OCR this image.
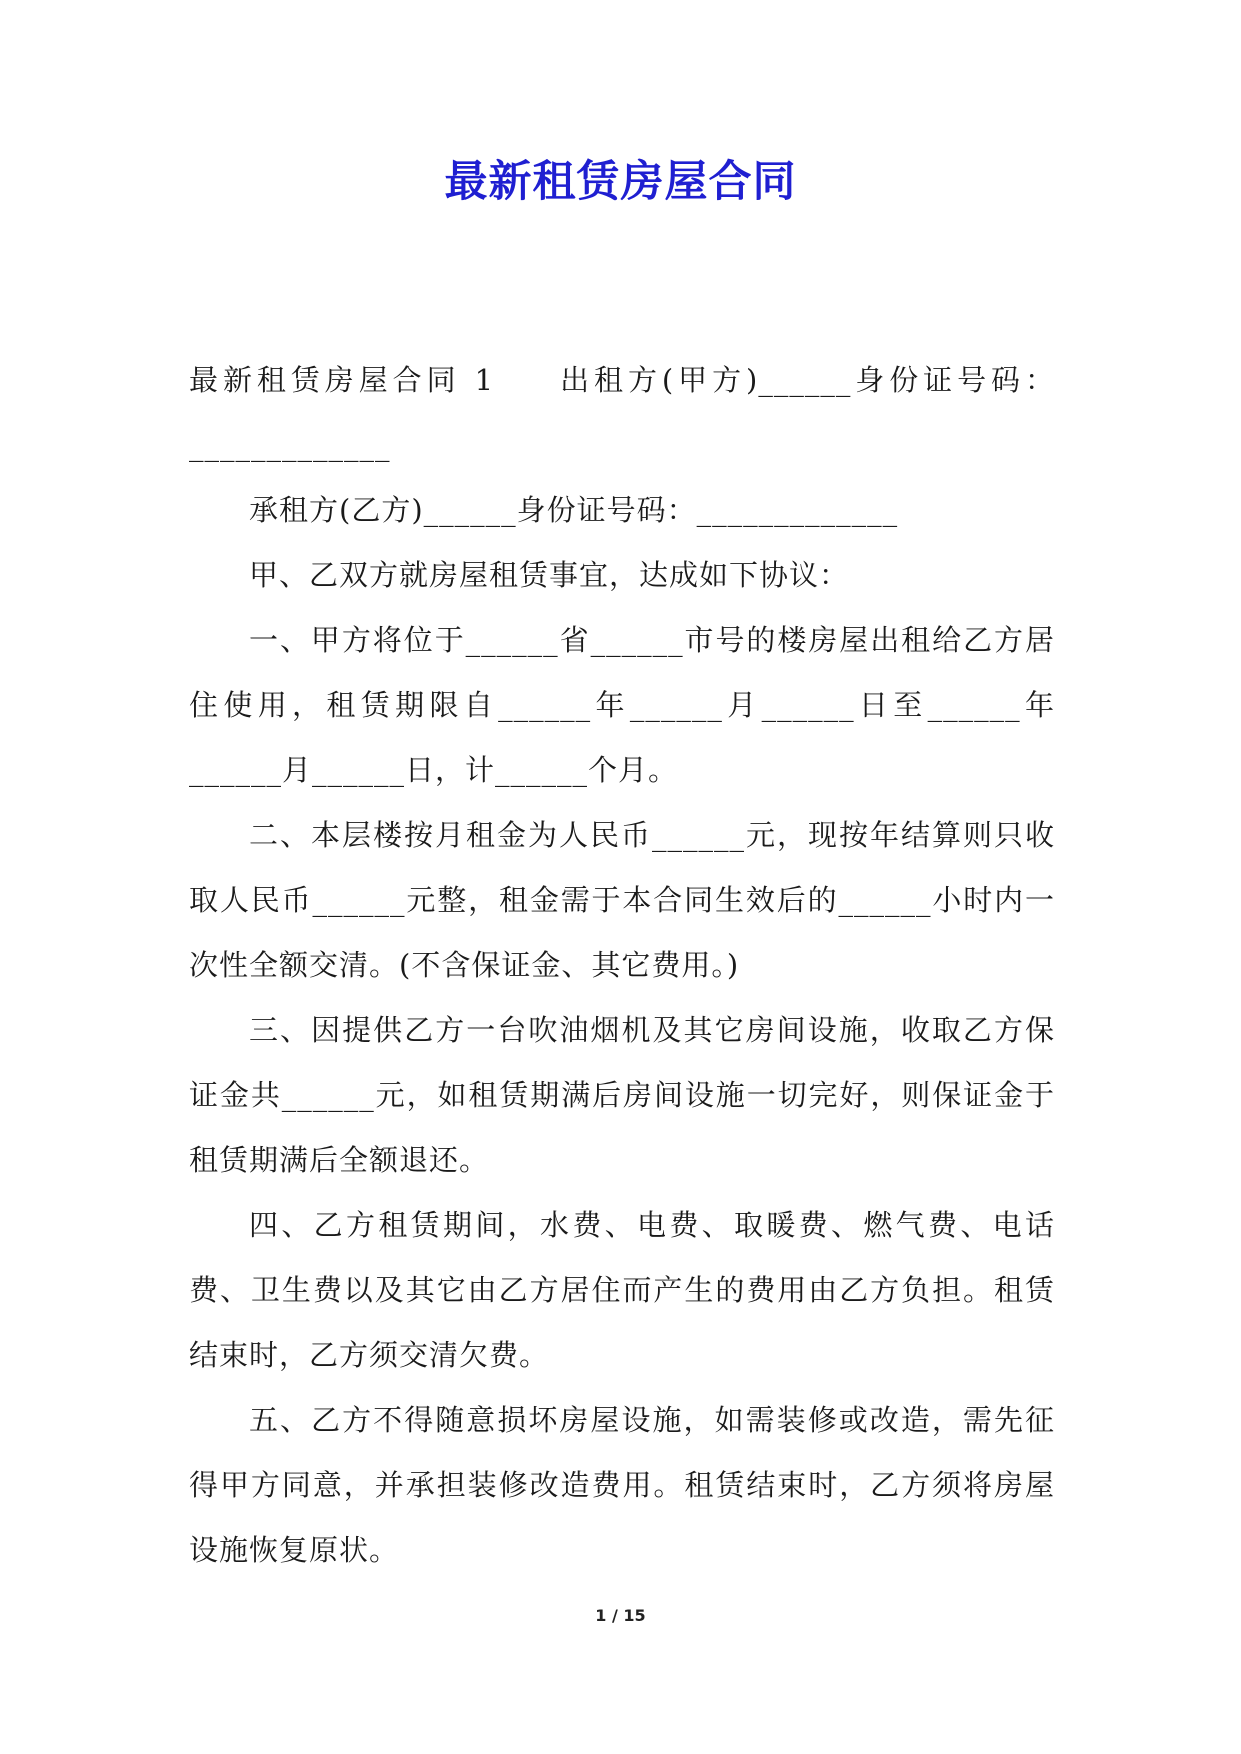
最新租赁房屋合同

最新租赁房屋合同 1 出租方(甲方)______身份证号码：_____________

承租方(乙方)______身份证号码：_____________

甲、乙双方就房屋租赁事宜，达成如下协议：

一、甲方将位于______省______市号的楼房屋出租给乙方居住使用，租赁期限自______年______月______日至______年______月______日，计______个月。

二、本层楼按月租金为人民币______元，现按年结算则只收取人民币______元整，租金需于本合同生效后的______小时内一次性全额交清。(不含保证金、其它费用。)

三、因提供乙方一台吹油烟机及其它房间设施，收取乙方保证金共______元，如租赁期满后房间设施一切完好，则保证金于租赁期满后全额退还。

四、乙方租赁期间，水费、电费、取暖费、燃气费、电话费、卫生费以及其它由乙方居住而产生的费用由乙方负担。租赁结束时，乙方须交清欠费。

五、乙方不得随意损坏房屋设施，如需装修或改造，需先征得甲方同意，并承担装修改造费用。租赁结束时，乙方须将房屋设施恢复原状。

1 / 15
